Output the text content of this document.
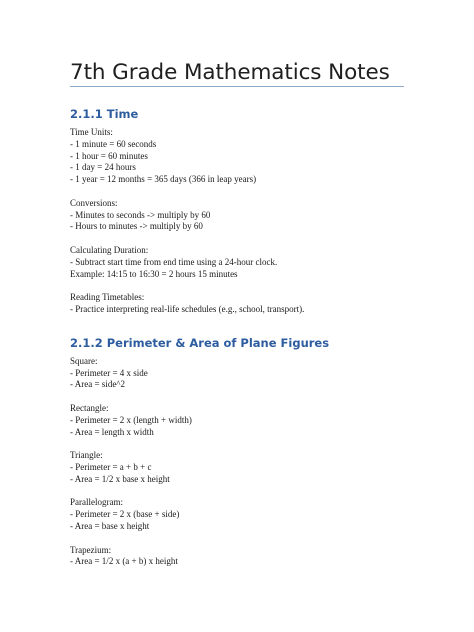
7th Grade Mathematics Notes
2.1.1 Time

Time Units:

- 1 minute = 60 seconds

- 1 hour = 60 minutes

- 1 day = 24 hours

- 1 year = 12 months = 365 days (366 in leap years)

Conversions:

- Minutes to seconds -> multiply by 60

- Hours to minutes -> multiply by 60

Calculating Duration:

- Subtract start time from end time using a 24-hour clock.

Example: 14:15 to 16:30 = 2 hours 15 minutes

Reading Timetables:

- Practice interpreting real-life schedules (e.g., school, transport).

2.1.2 Perimeter & Area of Plane Figures

Square:

- Perimeter = 4 x side

- Area = side^2

Rectangle:

- Perimeter = 2 x (length + width)

- Area = length x width

Triangle:

- Perimeter = a + b + c

- Area = 1/2 x base x height

Parallelogram:

- Perimeter = 2 x (base + side)

- Area = base x height

Trapezium:

- Area = 1/2 x (a + b) x height
